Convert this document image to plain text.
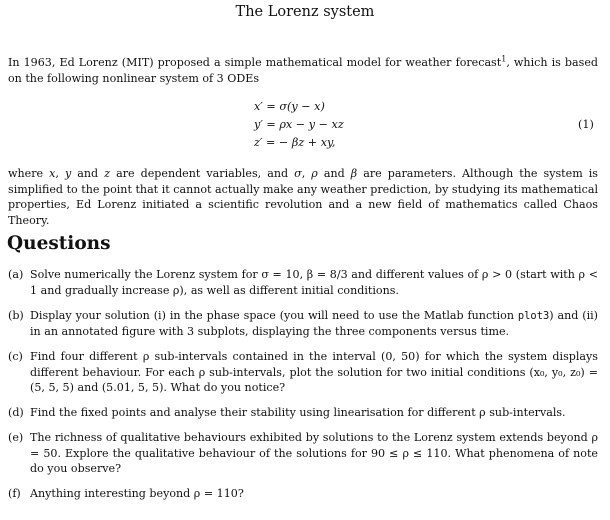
The Lorenz system
In 1963, Ed Lorenz (MIT) proposed a simple mathematical model for weather forecast$^1$, which is based on the following nonlinear system of 3 ODEs
x′ = σ(y − x)
y′ = ρx − y − xz
z′ = − βz + xy,
(1)
where x, y and z are dependent variables, and σ, ρ and β are parameters. Although the system is simplified to the point that it cannot actually make any weather prediction, by studying its mathematical properties, Ed Lorenz initiated a scientific revolution and a new field of mathematics called Chaos Theory.
Questions
(a) Solve numerically the Lorenz system for σ = 10, β = 8/3 and different values of ρ > 0 (start with ρ < 1 and gradually increase ρ), as well as different initial conditions.
(b) Display your solution (i) in the phase space (you will need to use the Matlab function plot3) and (ii) in an annotated figure with 3 subplots, displaying the three components versus time.
(c) Find four different ρ sub-intervals contained in the interval (0, 50) for which the system displays different behaviour. For each ρ sub-intervals, plot the solution for two initial conditions (x₀, y₀, z₀) = (5, 5, 5) and (5.01, 5, 5). What do you notice?
(d) Find the fixed points and analyse their stability using linearisation for different ρ sub-intervals.
(e) The richness of qualitative behaviours exhibited by solutions to the Lorenz system extends beyond ρ = 50. Explore the qualitative behaviour of the solutions for 90 ≤ ρ ≤ 110. What phenomena of note do you observe?
(f) Anything interesting beyond ρ = 110?
